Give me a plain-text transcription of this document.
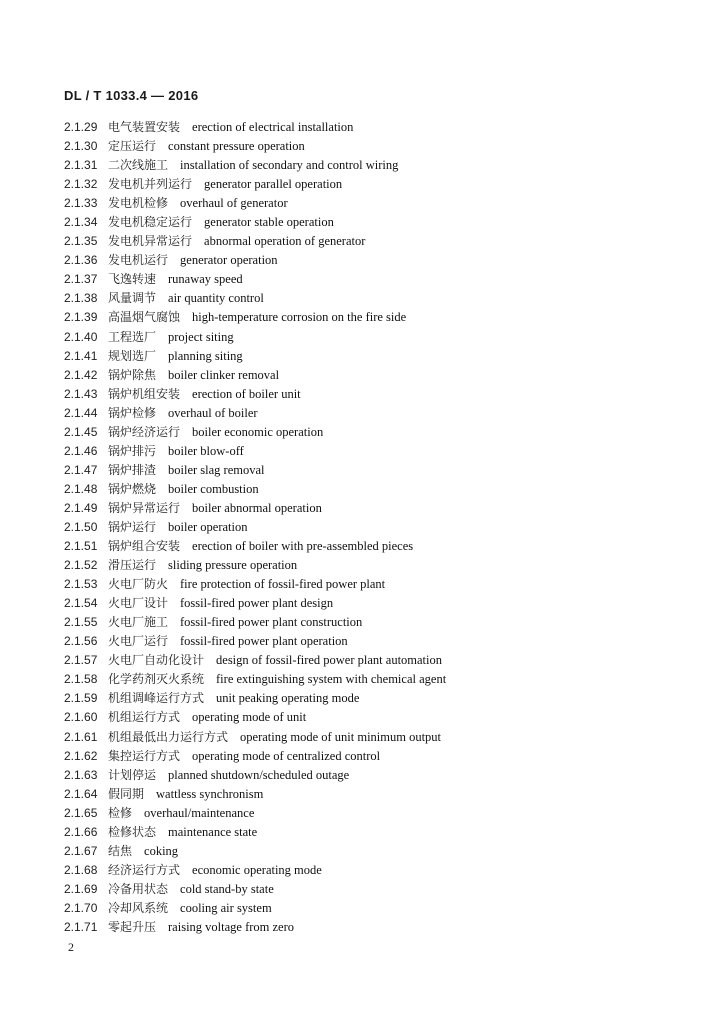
DL / T 1033.4 — 2016
2.1.29 电气装置安装 erection of electrical installation
2.1.30 定压运行 constant pressure operation
2.1.31 二次线施工 installation of secondary and control wiring
2.1.32 发电机并列运行 generator parallel operation
2.1.33 发电机检修 overhaul of generator
2.1.34 发电机稳定运行 generator stable operation
2.1.35 发电机异常运行 abnormal operation of generator
2.1.36 发电机运行 generator operation
2.1.37 飞逸转速 runaway speed
2.1.38 风量调节 air quantity control
2.1.39 高温烟气腐蚀 high-temperature corrosion on the fire side
2.1.40 工程选厂 project siting
2.1.41 规划选厂 planning siting
2.1.42 锅炉除焦 boiler clinker removal
2.1.43 锅炉机组安装 erection of boiler unit
2.1.44 锅炉检修 overhaul of boiler
2.1.45 锅炉经济运行 boiler economic operation
2.1.46 锅炉排污 boiler blow-off
2.1.47 锅炉排渣 boiler slag removal
2.1.48 锅炉燃烧 boiler combustion
2.1.49 锅炉异常运行 boiler abnormal operation
2.1.50 锅炉运行 boiler operation
2.1.51 锅炉组合安装 erection of boiler with pre-assembled pieces
2.1.52 滑压运行 sliding pressure operation
2.1.53 火电厂防火 fire protection of fossil-fired power plant
2.1.54 火电厂设计 fossil-fired power plant design
2.1.55 火电厂施工 fossil-fired power plant construction
2.1.56 火电厂运行 fossil-fired power plant operation
2.1.57 火电厂自动化设计 design of fossil-fired power plant automation
2.1.58 化学药剂灭火系统 fire extinguishing system with chemical agent
2.1.59 机组调峰运行方式 unit peaking operating mode
2.1.60 机组运行方式 operating mode of unit
2.1.61 机组最低出力运行方式 operating mode of unit minimum output
2.1.62 集控运行方式 operating mode of centralized control
2.1.63 计划停运 planned shutdown/scheduled outage
2.1.64 假同期 wattless synchronism
2.1.65 检修 overhaul/maintenance
2.1.66 检修状态 maintenance state
2.1.67 结焦 coking
2.1.68 经济运行方式 economic operating mode
2.1.69 冷备用状态 cold stand-by state
2.1.70 冷却风系统 cooling air system
2.1.71 零起升压 raising voltage from zero
2
